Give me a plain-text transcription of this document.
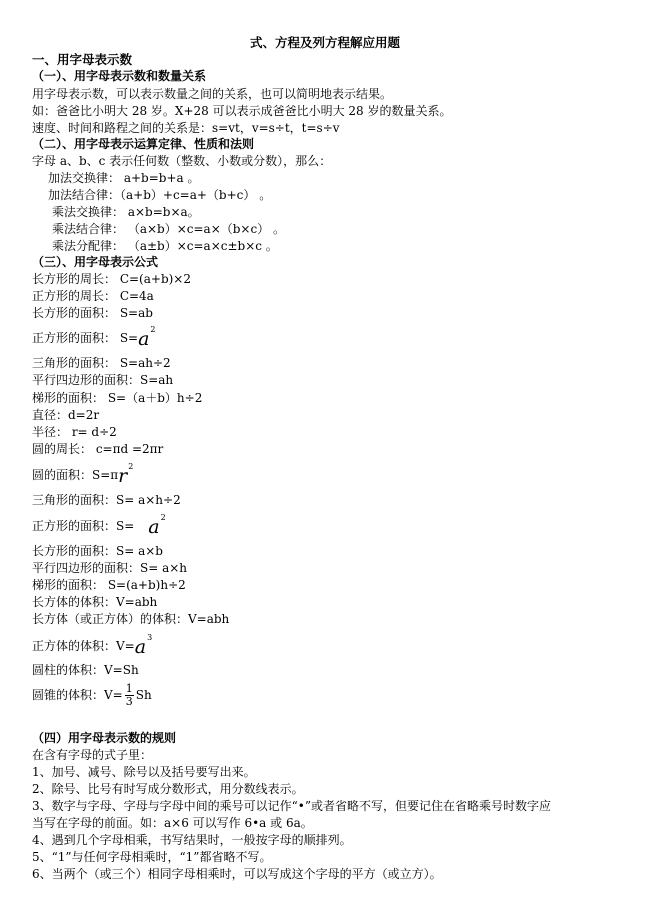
式、方程及列方程解应用题
一、用字母表示数
（一）、用字母表示数和数量关系
用字母表示数，可以表示数量之间的关系，也可以简明地表示结果。
如：爸爸比小明大 28 岁。X+28 可以表示成爸爸比小明大 28 岁的数量关系。
速度、时间和路程之间的关系是：s=vt，v=s÷t，t=s÷v
（二）、用字母表示运算定律、性质和法则
字母 a、b、c 表示任何数（整数、小数或分数），那么：
加法交换律： a+b=b+a 。
加法结合律：（a+b）+c=a+（b+c） 。
乘法交换律： a×b=b×a。
乘法结合律： （a×b）×c=a×（b×c） 。
乘法分配律： （a±b）×c=a×c±b×c 。
（三）、用字母表示公式
长方形的周长： C=(a+b)×2
正方形的周长： C=4a
长方形的面积： S=ab
正方形的面积： $S=a^2$
三角形的面积： S=ah÷2
平行四边形的面积：S=ah
梯形的面积： S=（a＋b）h÷2
直径：d=2r
半径： r= d÷2
圆的周长： c=πd =2πr
圆的面积：$S=\pi r^2$
三角形的面积：S= a×h÷2
正方形的面积：$S= a^2$
长方形的面积：S= a×b
平行四边形的面积：S= a×h
梯形的面积： S=(a+b)h÷2
长方体的体积：V=abh
长方体（或正方体）的体积：V=abh
正方体的体积：$V=a^3$
圆柱的体积：V=Sh
圆锥的体积：$V= \frac{1}{3}$ Sh
（四）用字母表示数的规则
在含有字母的式子里：
1、加号、减号、除号以及括号要写出来。
2、除号、比号有时写成分数形式，用分数线表示。
3、数字与字母、字母与字母中间的乘号可以记作“•”或者省略不写，但要记住在省略乘号时数字应
当写在字母的前面。如：a×6 可以写作 6•a 或 6a。
4、遇到几个字母相乘，书写结果时，一般按字母的顺排列。
5、“1”与任何字母相乘时，“1”都省略不写。
6、当两个（或三个）相同字母相乘时，可以写成这个字母的平方（或立方）。
